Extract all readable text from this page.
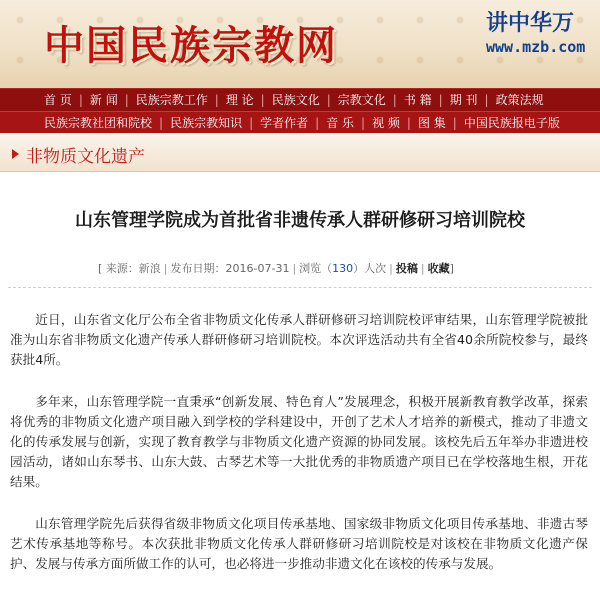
中国民族宗教网	讲中华万
www.mzb.com
首 页	| 新 闻	| 民族宗教工作	| 理 论	| 民族文化	| 宗教文化	| 书 籍	| 期 刊	| 政策法规
民族宗教社团和院校	| 民族宗教知识	| 学者作者	| 音 乐	| 视 频	| 图 集	| 中国民族报电子版
非物质文化遗产
山东管理学院成为首批省非遗传承人群研修研习培训院校
[ 来源：新浪 | 发布日期：2016-07-31 | 浏览（130）人次 | 投稿 | 收藏]

近日，山东省文化厅公布全省非物质文化传承人群研修研习培训院校评审结果，山东管理学院被批准为山东省非物质文化遗产传承人群研修研习培训院校。本次评选活动共有全省40余所院校参与，最终获批4所。

多年来，山东管理学院一直秉承“创新发展、特色育人”发展理念，积极开展新教育教学改革，探索将优秀的非物质文化遗产项目融入到学校的学科建设中，开创了艺术人才培养的新模式，推动了非遗文化的传承发展与创新，实现了教育教学与非物质文化遗产资源的协同发展。该校先后五年举办非遗进校园活动，诸如山东琴书、山东大鼓、古琴艺术等一大批优秀的非物质遗产项目已在学校落地生根，开花结果。

山东管理学院先后获得省级非物质文化项目传承基地、国家级非物质文化项目传承基地、非遗古琴艺术传承基地等称号。本次获批非物质文化传承人群研修研习培训院校是对该校在非物质文化遗产保护、发展与传承方面所做工作的认可，也必将进一步推动非遗文化在该校的传承与发展。
